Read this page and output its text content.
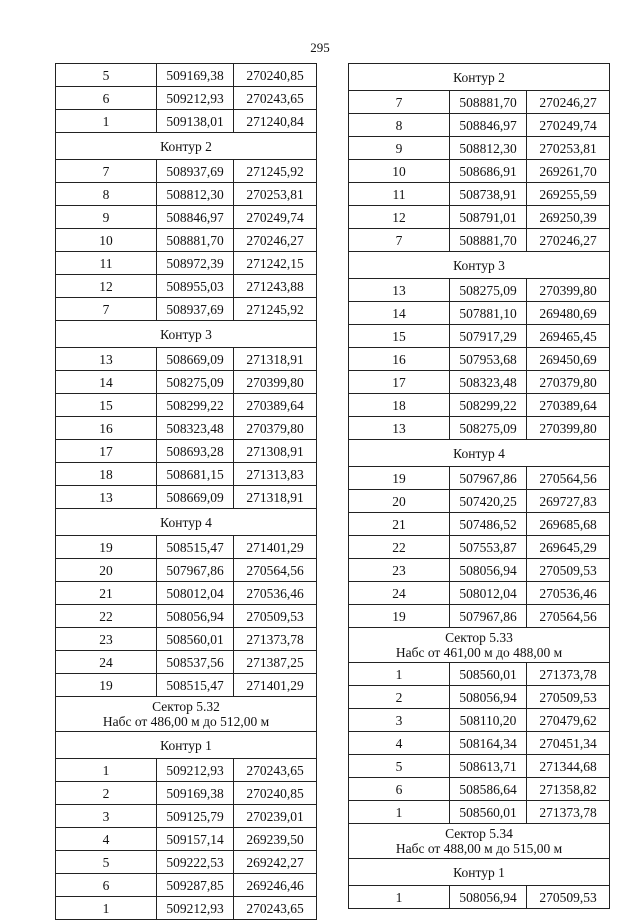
295
5	509169,38	270240,85
6	509212,93	270243,65
1	509138,01	271240,84

Контур 2		

7	508937,69	271245,92
8	508812,30	270253,81
9	508846,97	270249,74
10	508881,70	270246,27
11	508972,39	271242,15
12	508955,03	271243,88
7	508937,69	271245,92

Контур 3		

13	508669,09	271318,91
14	508275,09	270399,80
15	508299,22	270389,64
16	508323,48	270379,80
17	508693,28	271308,91
18	508681,15	271313,83
13	508669,09	271318,91

Контур 4		

19	508515,47	271401,29
20	507967,86	270564,56
21	508012,04	270536,46
22	508056,94	270509,53
23	508560,01	271373,78
24	508537,56	271387,25
19	508515,47	271401,29

Сектор 5.32
Набс от 486,00 м до 512,00 м		

Контур 1		

1	509212,93	270243,65
2	509169,38	270240,85
3	509125,79	270239,01
4	509157,14	269239,50
5	509222,53	269242,27
6	509287,85	269246,46
1	509212,93	270243,65
Контур 2		

7	508881,70	270246,27
8	508846,97	270249,74
9	508812,30	270253,81
10	508686,91	269261,70
11	508738,91	269255,59
12	508791,01	269250,39
7	508881,70	270246,27

Контур 3		

13	508275,09	270399,80
14	507881,10	269480,69
15	507917,29	269465,45
16	507953,68	269450,69
17	508323,48	270379,80
18	508299,22	270389,64
13	508275,09	270399,80

Контур 4		

19	507967,86	270564,56
20	507420,25	269727,83
21	507486,52	269685,68
22	507553,87	269645,29
23	508056,94	270509,53
24	508012,04	270536,46
19	507967,86	270564,56

Сектор 5.33
Набс от 461,00 м до 488,00 м		

1	508560,01	271373,78
2	508056,94	270509,53
3	508110,20	270479,62
4	508164,34	270451,34
5	508613,71	271344,68
6	508586,64	271358,82
1	508560,01	271373,78

Сектор 5.34
Набс от 488,00 м до 515,00 м		

Контур 1		

1	508056,94	270509,53
